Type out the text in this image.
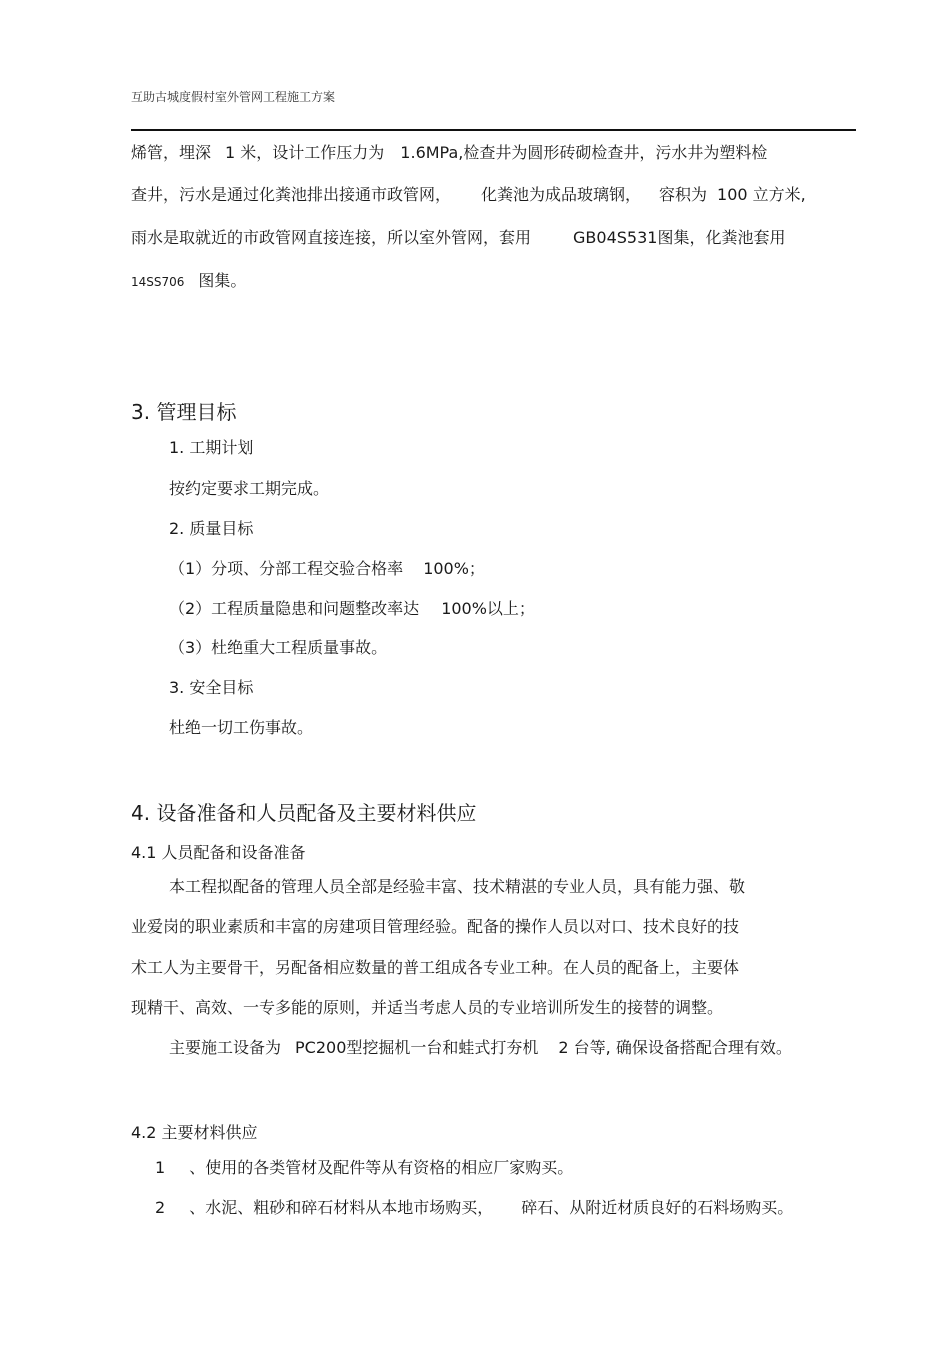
互助古城度假村室外管网工程施工方案
烯管，埋深 1 米，设计工作压力为 1.6MPa,检查井为圆形砖砌检查井，污水井为塑料检
查井，污水是通过化粪池排出接通市政管网， 化粪池为成品玻璃钢， 容积为 100 立方米,
雨水是取就近的市政管网直接连接，所以室外管网，套用	GB04S531图集，化粪池套用
14SS706 图集。
3. 管理目标
1. 工期计划
按约定要求工期完成。
2. 质量目标
（1）分项、分部工程交验合格率 100%；
（2）工程质量隐患和问题整改率达 100%以上；
（3）杜绝重大工程质量事故。
3. 安全目标
杜绝一切工伤事故。
4. 设备准备和人员配备及主要材料供应
4.1 人员配备和设备准备
本工程拟配备的管理人员全部是经验丰富、技术精湛的专业人员，具有能力强、敬
业爱岗的职业素质和丰富的房建项目管理经验。配备的操作人员以对口、技术良好的技
术工人为主要骨干，另配备相应数量的普工组成各专业工种。在人员的配备上，主要体
现精干、高效、一专多能的原则，并适当考虑人员的专业培训所发生的接替的调整。
主要施工设备为 PC200型挖掘机一台和蛙式打夯机 2 台等, 确保设备搭配合理有效。
4.2 主要材料供应
1 、使用的各类管材及配件等从有资格的相应厂家购买。
2 、水泥、粗砂和碎石材料从本地市场购买， 碎石、从附近材质良好的石料场购买。
